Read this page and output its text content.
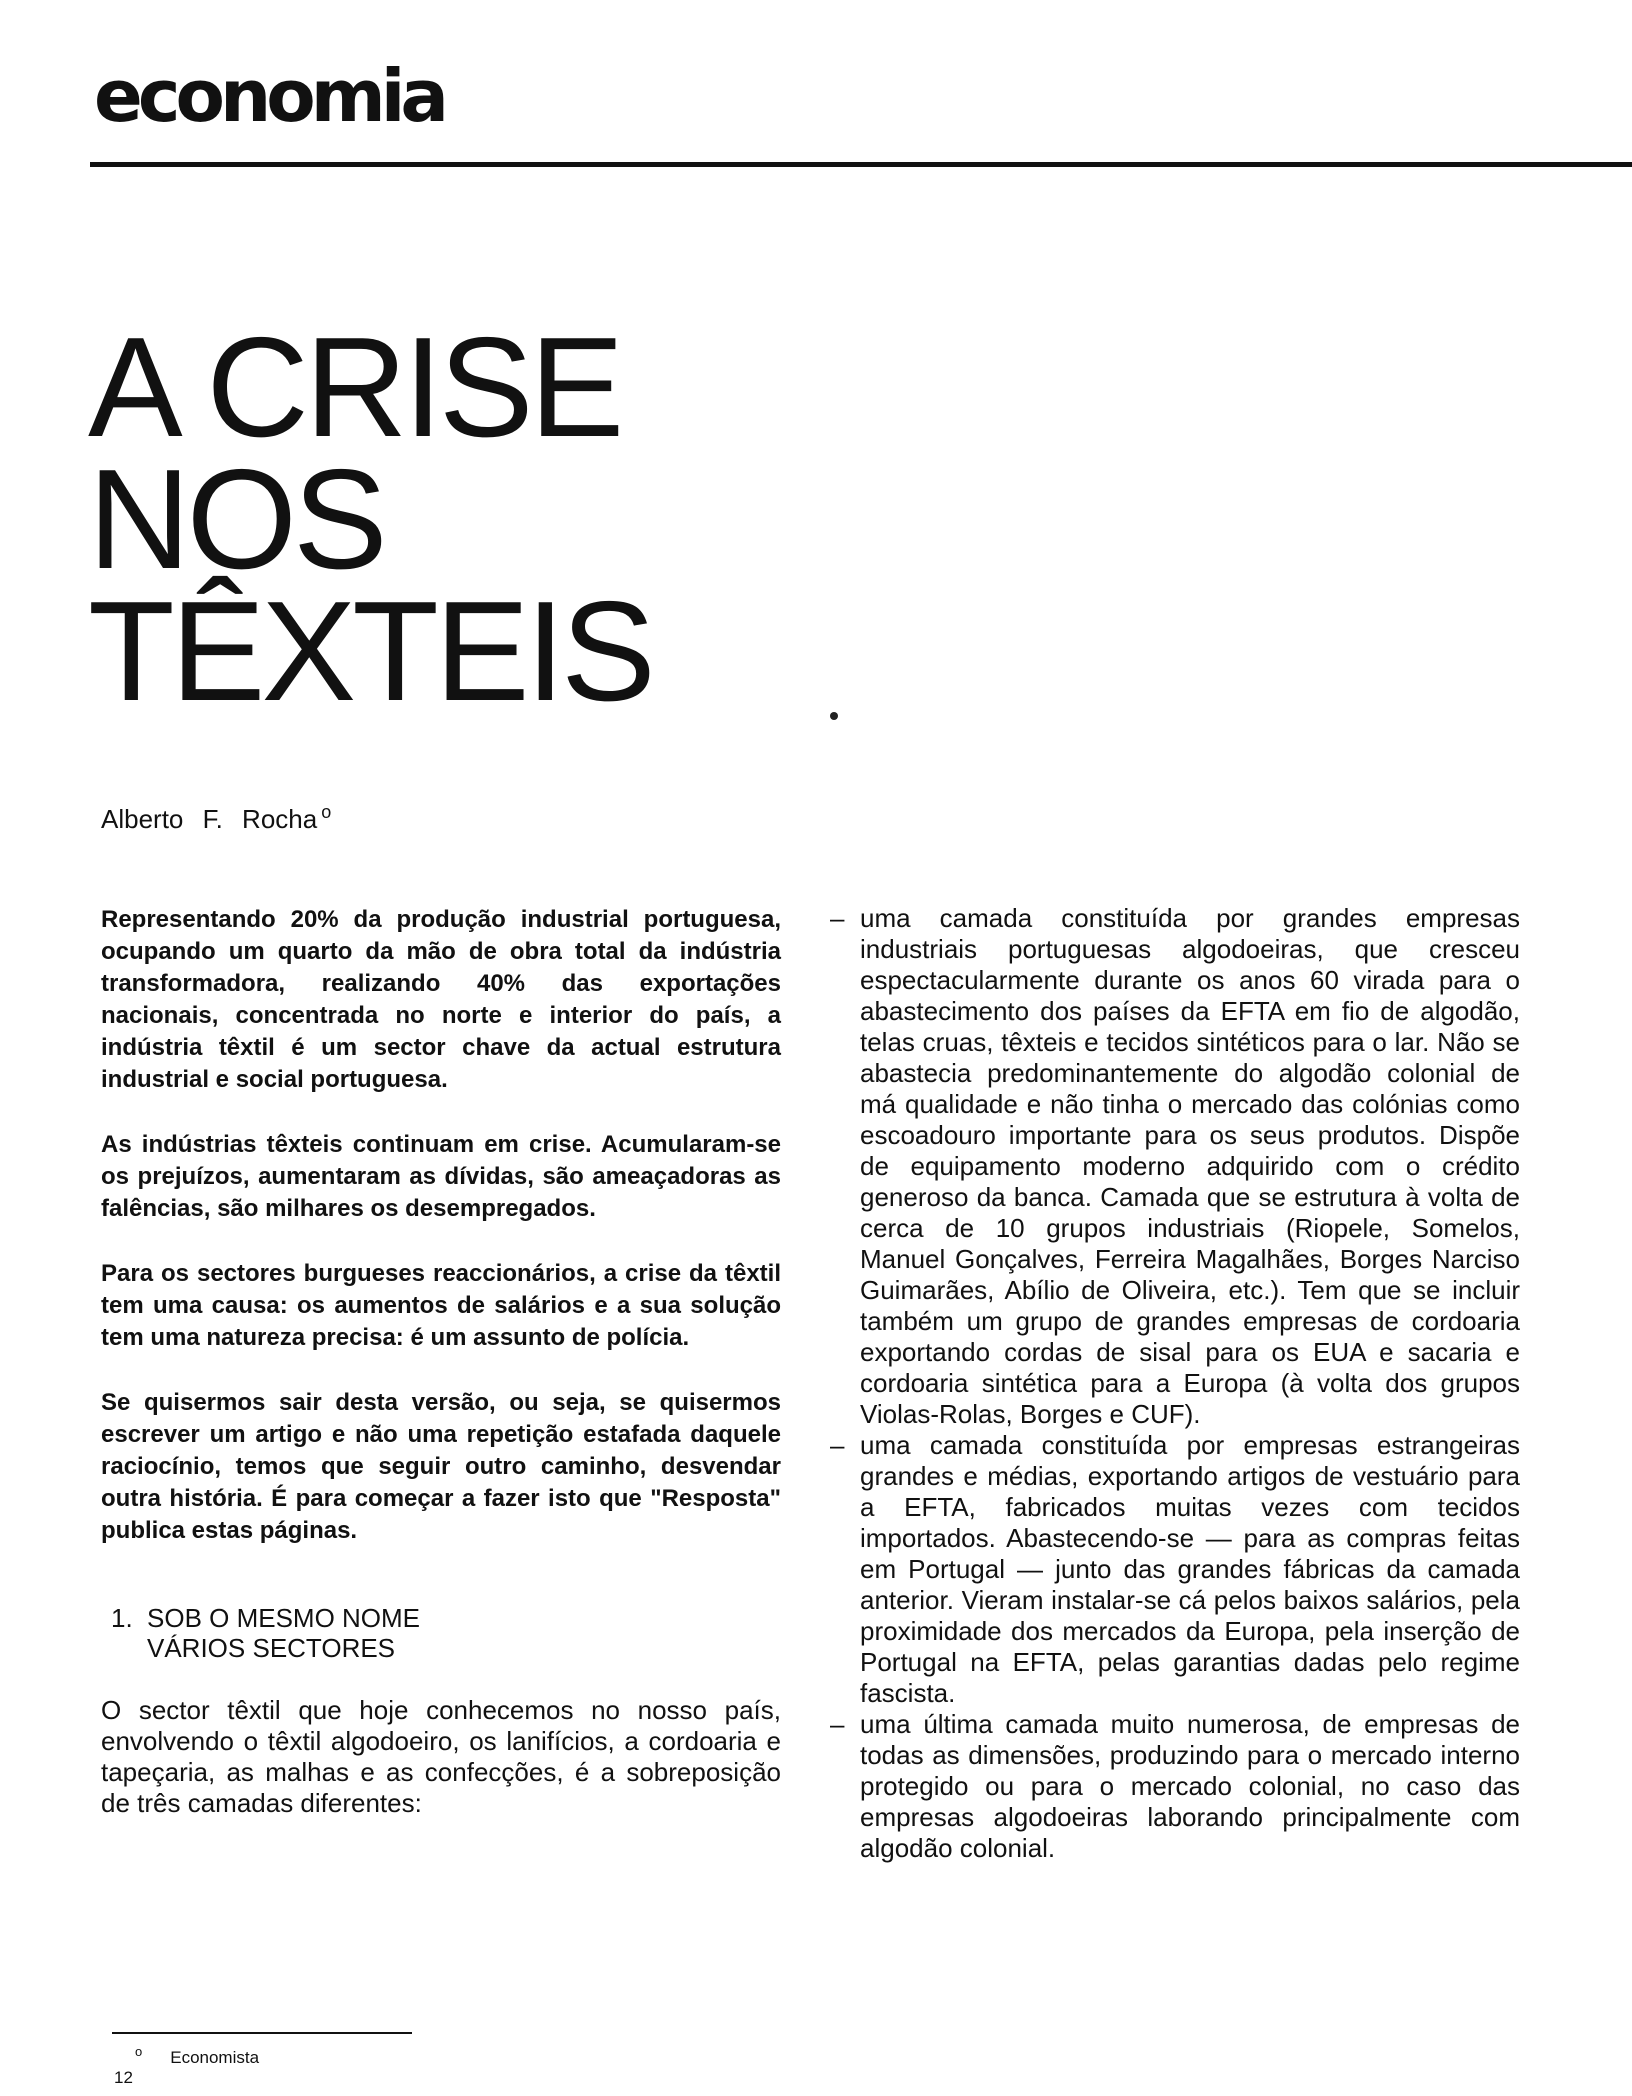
economia
A CRISE
NOS
TÊXTEIS
Alberto F. Rocha $^o$

Representando 20% da produção industrial portuguesa, ocupando um quarto da mão de obra total da indústria transformadora, realizando 40% das exportações nacionais, concentrada no norte e interior do país, a indústria têxtil é um sector chave da actual estrutura industrial e social portuguesa.

As indústrias têxteis continuam em crise. Acumularam-se os prejuízos, aumentaram as dívidas, são ameaçadoras as falências, são milhares os desempregados.

Para os sectores burgueses reaccionários, a crise da têxtil tem uma causa: os aumentos de salários e a sua solução tem uma natureza precisa: é um assunto de polícia.

Se quisermos sair desta versão, ou seja, se quisermos escrever um artigo e não uma repetição estafada daquele raciocínio, temos que seguir outro caminho, desvendar outra história. É para começar a fazer isto que "Resposta" publica estas páginas.

1. SOB O MESMO NOME
VÁRIOS SECTORES

O sector têxtil que hoje conhecemos no nosso país, envolvendo o têxtil algodoeiro, os lanifícios, a cordoaria e tapeçaria, as malhas e as confecções, é a sobreposição de três camadas diferentes:

– uma camada constituída por grandes empresas industriais portuguesas algodoeiras, que cresceu espectacularmente durante os anos 60 virada para o abastecimento dos países da EFTA em fio de algodão, telas cruas, têxteis e tecidos sintéticos para o lar. Não se abastecia predominantemente do algodão colonial de má qualidade e não tinha o mercado das colónias como escoadouro importante para os seus produtos. Dispõe de equipamento moderno adquirido com o crédito generoso da banca. Camada que se estrutura à volta de cerca de 10 grupos industriais (Riopele, Somelos, Manuel Gonçalves, Ferreira Magalhães, Borges Narciso Guimarães, Abílio de Oliveira, etc.). Tem que se incluir também um grupo de grandes empresas de cordoaria exportando cordas de sisal para os EUA e sacaria e cordoaria sintética para a Europa (à volta dos grupos Violas-Rolas, Borges e CUF).

– uma camada constituída por empresas estrangeiras grandes e médias, exportando artigos de vestuário para a EFTA, fabricados muitas vezes com tecidos importados. Abastecendo-se — para as compras feitas em Portugal — junto das grandes fábricas da camada anterior. Vieram instalar-se cá pelos baixos salários, pela proximidade dos mercados da Europa, pela inserção de Portugal na EFTA, pelas garantias dadas pelo regime fascista.

– uma última camada muito numerosa, de empresas de todas as dimensões, produzindo para o mercado interno protegido ou para o mercado colonial, no caso das empresas algodoeiras laborando principalmente com algodão colonial.

$^o$ Economista
12
